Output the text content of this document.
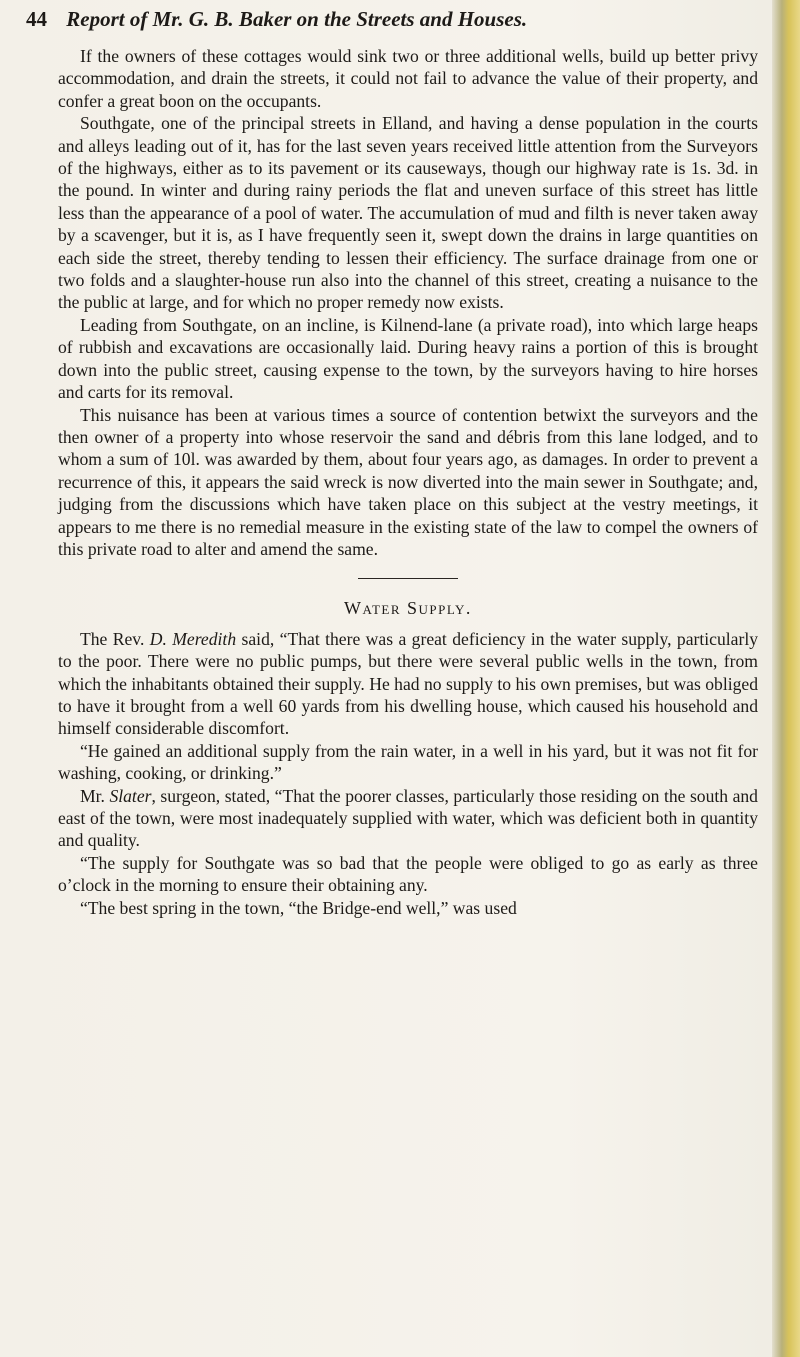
44 Report of Mr. G. B. Baker on the Streets and Houses.

If the owners of these cottages would sink two or three additional wells, build up better privy accommodation, and drain the streets, it could not fail to advance the value of their property, and confer a great boon on the occupants.

Southgate, one of the principal streets in Elland, and having a dense population in the courts and alleys leading out of it, has for the last seven years received little attention from the Surveyors of the highways, either as to its pavement or its causeways, though our highway rate is 1s. 3d. in the pound. In winter and during rainy periods the flat and uneven surface of this street has little less than the appearance of a pool of water. The accumulation of mud and filth is never taken away by a scavenger, but it is, as I have frequently seen it, swept down the drains in large quantities on each side the street, thereby tending to lessen their efficiency. The surface drainage from one or two folds and a slaughter-house run also into the channel of this street, creating a nuisance to the the public at large, and for which no proper remedy now exists.

Leading from Southgate, on an incline, is Kilnend-lane (a private road), into which large heaps of rubbish and excavations are occasionally laid. During heavy rains a portion of this is brought down into the public street, causing expense to the town, by the surveyors having to hire horses and carts for its removal.

This nuisance has been at various times a source of contention betwixt the surveyors and the then owner of a property into whose reservoir the sand and débris from this lane lodged, and to whom a sum of 10l. was awarded by them, about four years ago, as damages. In order to prevent a recurrence of this, it appears the said wreck is now diverted into the main sewer in Southgate; and, judging from the discussions which have taken place on this subject at the vestry meetings, it appears to me there is no remedial measure in the existing state of the law to compel the owners of this private road to alter and amend the same.

Water Supply.

The Rev. D. Meredith said, “That there was a great deficiency in the water supply, particularly to the poor. There were no public pumps, but there were several public wells in the town, from which the inhabitants obtained their supply. He had no supply to his own premises, but was obliged to have it brought from a well 60 yards from his dwelling house, which caused his household and himself considerable discomfort.

“He gained an additional supply from the rain water, in a well in his yard, but it was not fit for washing, cooking, or drinking.”

Mr. Slater, surgeon, stated, “That the poorer classes, particularly those residing on the south and east of the town, were most inadequately supplied with water, which was deficient both in quantity and quality.

“The supply for Southgate was so bad that the people were obliged to go as early as three o’clock in the morning to ensure their obtaining any.

“The best spring in the town, “the Bridge-end well,” was used
